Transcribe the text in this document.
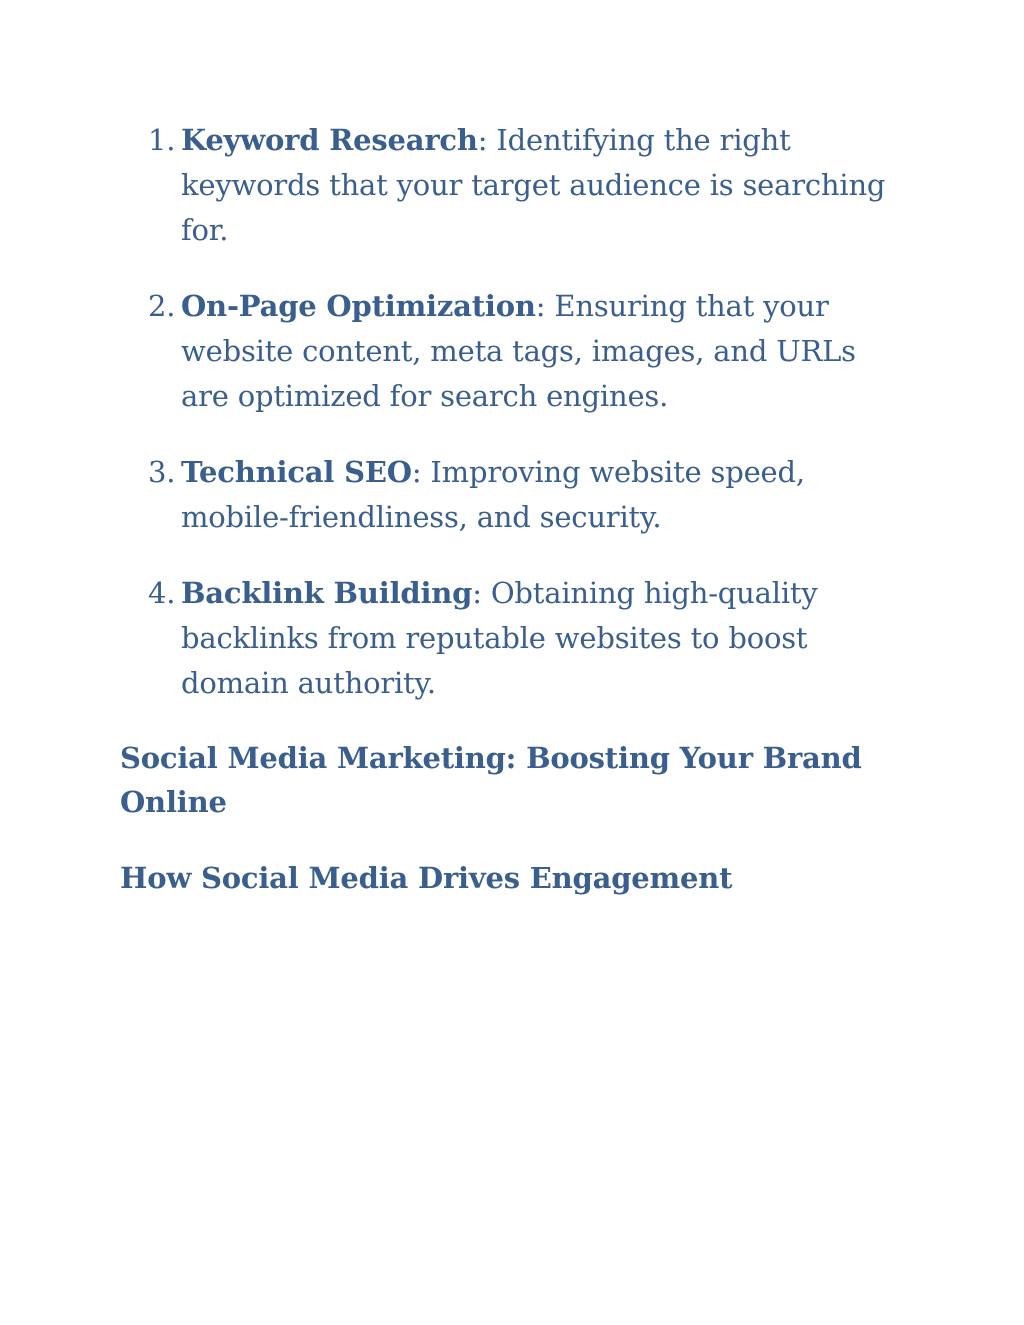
1. Keyword Research: Identifying the right keywords that your target audience is searching for.
2. On-Page Optimization: Ensuring that your website content, meta tags, images, and URLs are optimized for search engines.
3. Technical SEO: Improving website speed, mobile-friendliness, and security.
4. Backlink Building: Obtaining high-quality backlinks from reputable websites to boost domain authority.
Social Media Marketing: Boosting Your Brand Online
How Social Media Drives Engagement
